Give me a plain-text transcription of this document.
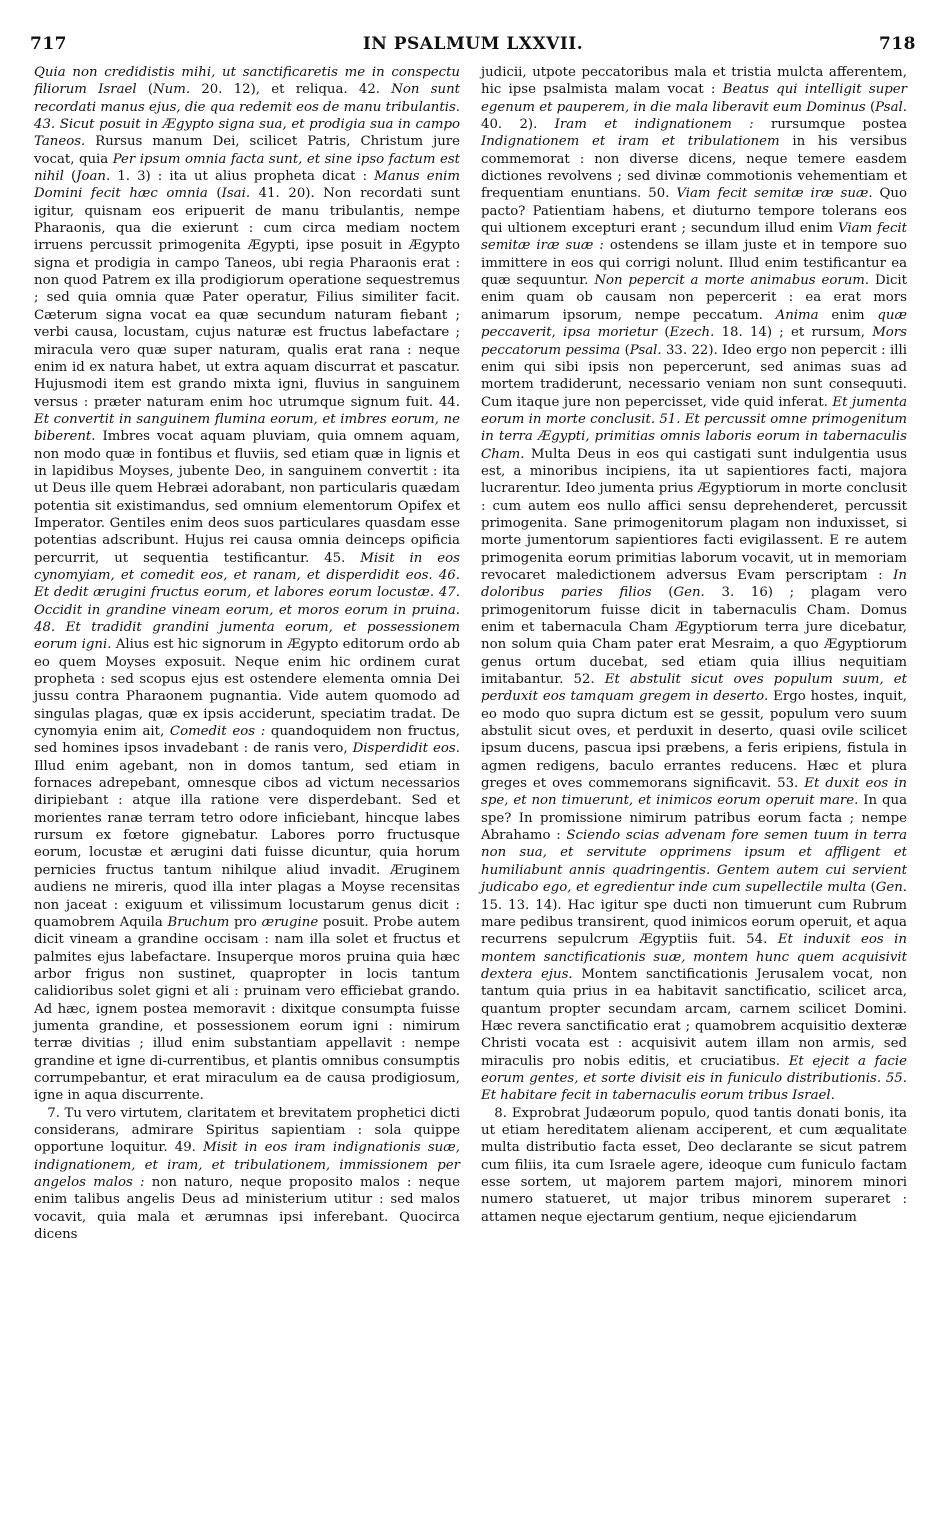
717	IN PSALMUM LXXVII.	718

Quia non credidistis mihi, ut sanctificaretis me in conspectu filiorum Israel (Num. 20. 12), et reliqua. 42. Non sunt recordati manus ejus, die qua redemit eos de manu tribulantis. 43. Sicut posuit in Ægypto signa sua, et prodigia sua in campo Taneos. Rursus manum Dei, scilicet Patris, Christum jure vocat, quia Per ipsum omnia facta sunt, et sine ipso factum est nihil (Joan. 1. 3) : ita ut alius propheta dicat : Manus enim Domini fecit hæc omnia (Isai. 41. 20). Non recordati sunt igitur, quisnam eos eripuerit de manu tribulantis, nempe Pharaonis, qua die exierunt : cum circa mediam noctem irruens percussit primogenita Ægypti, ipse posuit in Ægypto signa et prodigia in campo Taneos, ubi regia Pharaonis erat : non quod Patrem ex illa prodigiorum operatione sequestremus ; sed quia omnia quæ Pater operatur, Filius similiter facit. Cæterum signa vocat ea quæ secundum naturam fiebant ; verbi causa, locustam, cujus naturæ est fructus labefactare ; miracula vero quæ super naturam, qualis erat rana : neque enim id ex natura habet, ut extra aquam discurrat et pascatur. Hujusmodi item est grando mixta igni, fluvius in sanguinem versus : præter naturam enim hoc utrumque signum fuit. 44. Et convertit in sanguinem flumina eorum, et imbres eorum, ne biberent. Imbres vocat aquam pluviam, quia omnem aquam, non modo quæ in fontibus et fluviis, sed etiam quæ in lignis et in lapidibus Moyses, jubente Deo, in sanguinem convertit : ita ut Deus ille quem Hebræi adorabant, non particularis quædam potentia sit existimandus, sed omnium elementorum Opifex et Imperator. Gentiles enim deos suos particulares quasdam esse potentias adscribunt. Hujus rei causa omnia deinceps opificia percurrit, ut sequentia testificantur. 45. Misit in eos cynomyiam, et comedit eos, et ranam, et disperdidit eos. 46. Et dedit ærugini fructus eorum, et labores eorum locustæ. 47. Occidit in grandine vineam eorum, et moros eorum in pruina. 48. Et tradidit grandini jumenta eorum, et possessionem eorum igni. Alius est hic signorum in Ægypto editorum ordo ab eo quem Moyses exposuit. Neque enim hic ordinem curat propheta : sed scopus ejus est ostendere elementa omnia Dei jussu contra Pharaonem pugnantia. Vide autem quomodo ad singulas plagas, quæ ex ipsis acciderunt, speciatim tradat. De cynomyia enim ait, Comedit eos : quandoquidem non fructus, sed homines ipsos invadebant : de ranis vero, Disperdidit eos. Illud enim agebant, non in domos tantum, sed etiam in fornaces adrepebant, omnesque cibos ad victum necessarios diripiebant : atque illa ratione vere disperdebant. Sed et morientes ranæ terram tetro odore inficiebant, hincque labes rursum ex fœtore gignebatur. Labores porro fructusque eorum, locustæ et ærugini dati fuisse dicuntur, quia horum pernicies fructus tantum nihilque aliud invadit. Æruginem audiens ne mireris, quod illa inter plagas a Moyse recensitas non jaceat : exiguum et vilissimum locustarum genus dicit : quamobrem Aquila Bruchum pro ærugine posuit. Probe autem dicit vineam a grandine occisam : nam illa solet et fructus et palmites ejus labefactare. Insuperque moros pruina quia hæc arbor frigus non sustinet, quapropter in locis tantum calidioribus solet gigni et ali : pruinam vero efficiebat grando. Ad hæc, ignem postea memoravit : dixitque consumpta fuisse jumenta grandine, et possessionem eorum igni : nimirum terræ divitias ; illud enim substantiam appellavit : nempe grandine et igne di-currentibus, et plantis omnibus consumptis corrumpebantur, et erat miraculum ea de causa prodigiosum, igne in aqua discurrente.

7. Tu vero virtutem, claritatem et brevitatem prophetici dicti considerans, admirare Spiritus sapientiam : sola quippe opportune loquitur. 49. Misit in eos iram indignationis suæ, indignationem, et iram, et tribulationem, immissionem per angelos malos : non naturo, neque proposito malos : neque enim talibus angelis Deus ad ministerium utitur : sed malos vocavit, quia mala et ærumnas ipsi inferebant. Quocirca dicens

judicii, utpote peccatoribus mala et tristia mulcta afferentem, hic ipse psalmista malam vocat : Beatus qui intelligit super egenum et pauperem, in die mala liberavit eum Dominus (Psal. 40. 2). Iram et indignationem : rursumque postea Indignationem et iram et tribulationem in his versibus commemorat : non diverse dicens, neque temere easdem dictiones revolvens ; sed divinæ commotionis vehementiam et frequentiam enuntians. 50. Viam fecit semitæ iræ suæ. Quo pacto? Patientiam habens, et diuturno tempore tolerans eos qui ultionem excepturi erant ; secundum illud enim Viam fecit semitæ iræ suæ : ostendens se illam juste et in tempore suo immittere in eos qui corrigi nolunt. Illud enim testificantur ea quæ sequuntur. Non pepercit a morte animabus eorum. Dicit enim quam ob causam non pepercerit : ea erat mors animarum ipsorum, nempe peccatum. Anima enim quæ peccaverit, ipsa morietur (Ezech. 18. 14) ; et rursum, Mors peccatorum pessima (Psal. 33. 22). Ideo ergo non pepercit : illi enim qui sibi ipsis non pepercerunt, sed animas suas ad mortem tradiderunt, necessario veniam non sunt consequuti. Cum itaque jure non pepercisset, vide quid inferat. Et jumenta eorum in morte conclusit. 51. Et percussit omne primogenitum in terra Ægypti, primitias omnis laboris eorum in tabernaculis Cham. Multa Deus in eos qui castigati sunt indulgentia usus est, a minoribus incipiens, ita ut sapientiores facti, majora lucrarentur. Ideo jumenta prius Ægyptiorum in morte conclusit : cum autem eos nullo affici sensu deprehenderet, percussit primogenita. Sane primogenitorum plagam non induxisset, si morte jumentorum sapientiores facti evigilassent. E re autem primogenita eorum primitias laborum vocavit, ut in memoriam revocaret maledictionem adversus Evam perscriptam : In doloribus paries filios (Gen. 3. 16) ; plagam vero primogenitorum fuisse dicit in tabernaculis Cham. Domus enim et tabernacula Cham Ægyptiorum terra jure dicebatur, non solum quia Cham pater erat Mesraim, a quo Ægyptiorum genus ortum ducebat, sed etiam quia illius nequitiam imitabantur. 52. Et abstulit sicut oves populum suum, et perduxit eos tamquam gregem in deserto. Ergo hostes, inquit, eo modo quo supra dictum est se gessit, populum vero suum abstulit sicut oves, et perduxit in deserto, quasi ovile scilicet ipsum ducens, pascua ipsi præbens, a feris eripiens, fistula in agmen redigens, baculo errantes reducens. Hæc et plura greges et oves commemorans significavit. 53. Et duxit eos in spe, et non timuerunt, et inimicos eorum operuit mare. In qua spe? In promissione nimirum patribus eorum facta ; nempe Abrahamo : Sciendo scias advenam fore semen tuum in terra non sua, et servitute opprimens ipsum et affligent et humiliabunt annis quadringentis. Gentem autem cui servient judicabo ego, et egredientur inde cum supellectile multa (Gen. 15. 13. 14). Hac igitur spe ducti non timuerunt cum Rubrum mare pedibus transirent, quod inimicos eorum operuit, et aqua recurrens sepulcrum Ægyptiis fuit. 54. Et induxit eos in montem sanctificationis suæ, montem hunc quem acquisivit dextera ejus. Montem sanctificationis Jerusalem vocat, non tantum quia prius in ea habitavit sanctificatio, scilicet arca, quantum propter secundam arcam, carnem scilicet Domini. Hæc revera sanctificatio erat ; quamobrem acquisitio dexteræ Christi vocata est : acquisivit autem illam non armis, sed miraculis pro nobis editis, et cruciatibus. Et ejecit a facie eorum gentes, et sorte divisit eis in funiculo distributionis. 55. Et habitare fecit in tabernaculis eorum tribus Israel.

8. Exprobrat Judæorum populo, quod tantis donati bonis, ita ut etiam hereditatem alienam acciperent, et cum æqualitate multa distributio facta esset, Deo declarante se sicut patrem cum filiis, ita cum Israele agere, ideoque cum funiculo factam esse sortem, ut majorem partem majori, minorem minori numero statueret, ut major tribus minorem superaret : attamen neque ejectarum gentium, neque ejiciendarum
